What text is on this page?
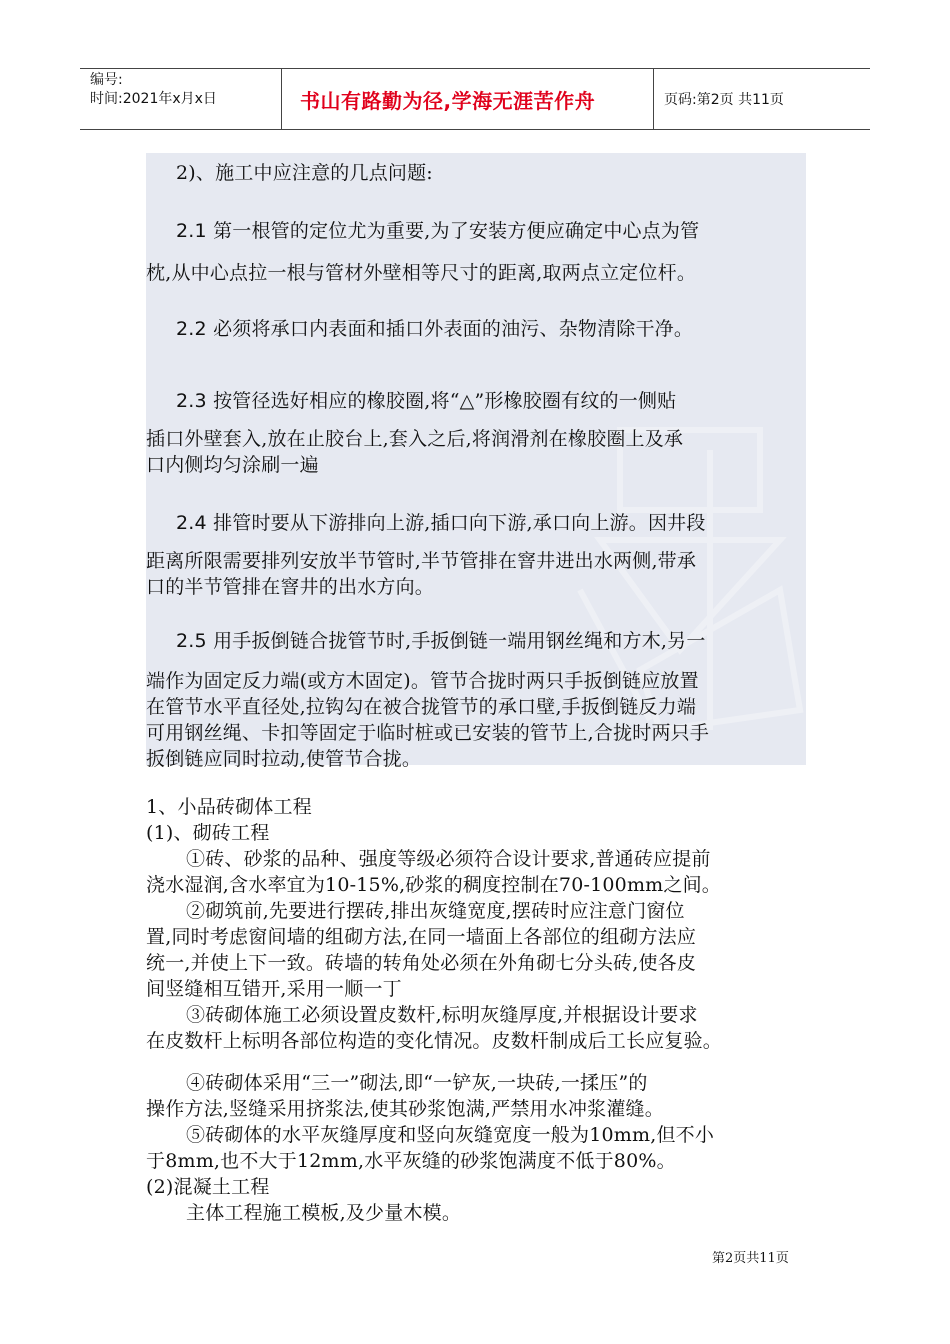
编号:
时间:2021年x月x日	书山有路勤为径,学海无涯苦作舟	页码:第2页 共11页
2)、施工中应注意的几点问题:
2.1 第一根管的定位尤为重要,为了安装方便应确定中心点为管
枕,从中心点拉一根与管材外壁相等尺寸的距离,取两点立定位杆。
2.2 必须将承口内表面和插口外表面的油污、杂物清除干净。
2.3 按管径选好相应的橡胶圈,将“△”形橡胶圈有纹的一侧贴
插口外壁套入,放在止胶台上,套入之后,将润滑剂在橡胶圈上及承
口内侧均匀涂刷一遍
2.4 排管时要从下游排向上游,插口向下游,承口向上游。因井段
距离所限需要排列安放半节管时,半节管排在窨井进出水两侧,带承
口的半节管排在窨井的出水方向。
2.5 用手扳倒链合拢管节时,手扳倒链一端用钢丝绳和方木,另一
端作为固定反力端(或方木固定)。管节合拢时两只手扳倒链应放置
在管节水平直径处,拉钩勾在被合拢管节的承口壁,手扳倒链反力端
可用钢丝绳、卡扣等固定于临时桩或已安装的管节上,合拢时两只手
扳倒链应同时拉动,使管节合拢。
1、小品砖砌体工程
(1)、砌砖工程
①砖、砂浆的品种、强度等级必须符合设计要求,普通砖应提前
浇水湿润,含水率宜为10-15%,砂浆的稠度控制在70-100mm之间。
②砌筑前,先要进行摆砖,排出灰缝宽度,摆砖时应注意门窗位
置,同时考虑窗间墙的组砌方法,在同一墙面上各部位的组砌方法应
统一,并使上下一致。砖墙的转角处必须在外角砌七分头砖,使各皮
间竖缝相互错开,采用一顺一丁
③砖砌体施工必须设置皮数杆,标明灰缝厚度,并根据设计要求
在皮数杆上标明各部位构造的变化情况。皮数杆制成后工长应复验。
④砖砌体采用“三一”砌法,即“一铲灰,一块砖,一揉压”的
操作方法,竖缝采用挤浆法,使其砂浆饱满,严禁用水冲浆灌缝。
⑤砖砌体的水平灰缝厚度和竖向灰缝宽度一般为10mm,但不小
于8mm,也不大于12mm,水平灰缝的砂浆饱满度不低于80%。
(2)混凝土工程
主体工程施工模板,及少量木模。
第2页共11页
